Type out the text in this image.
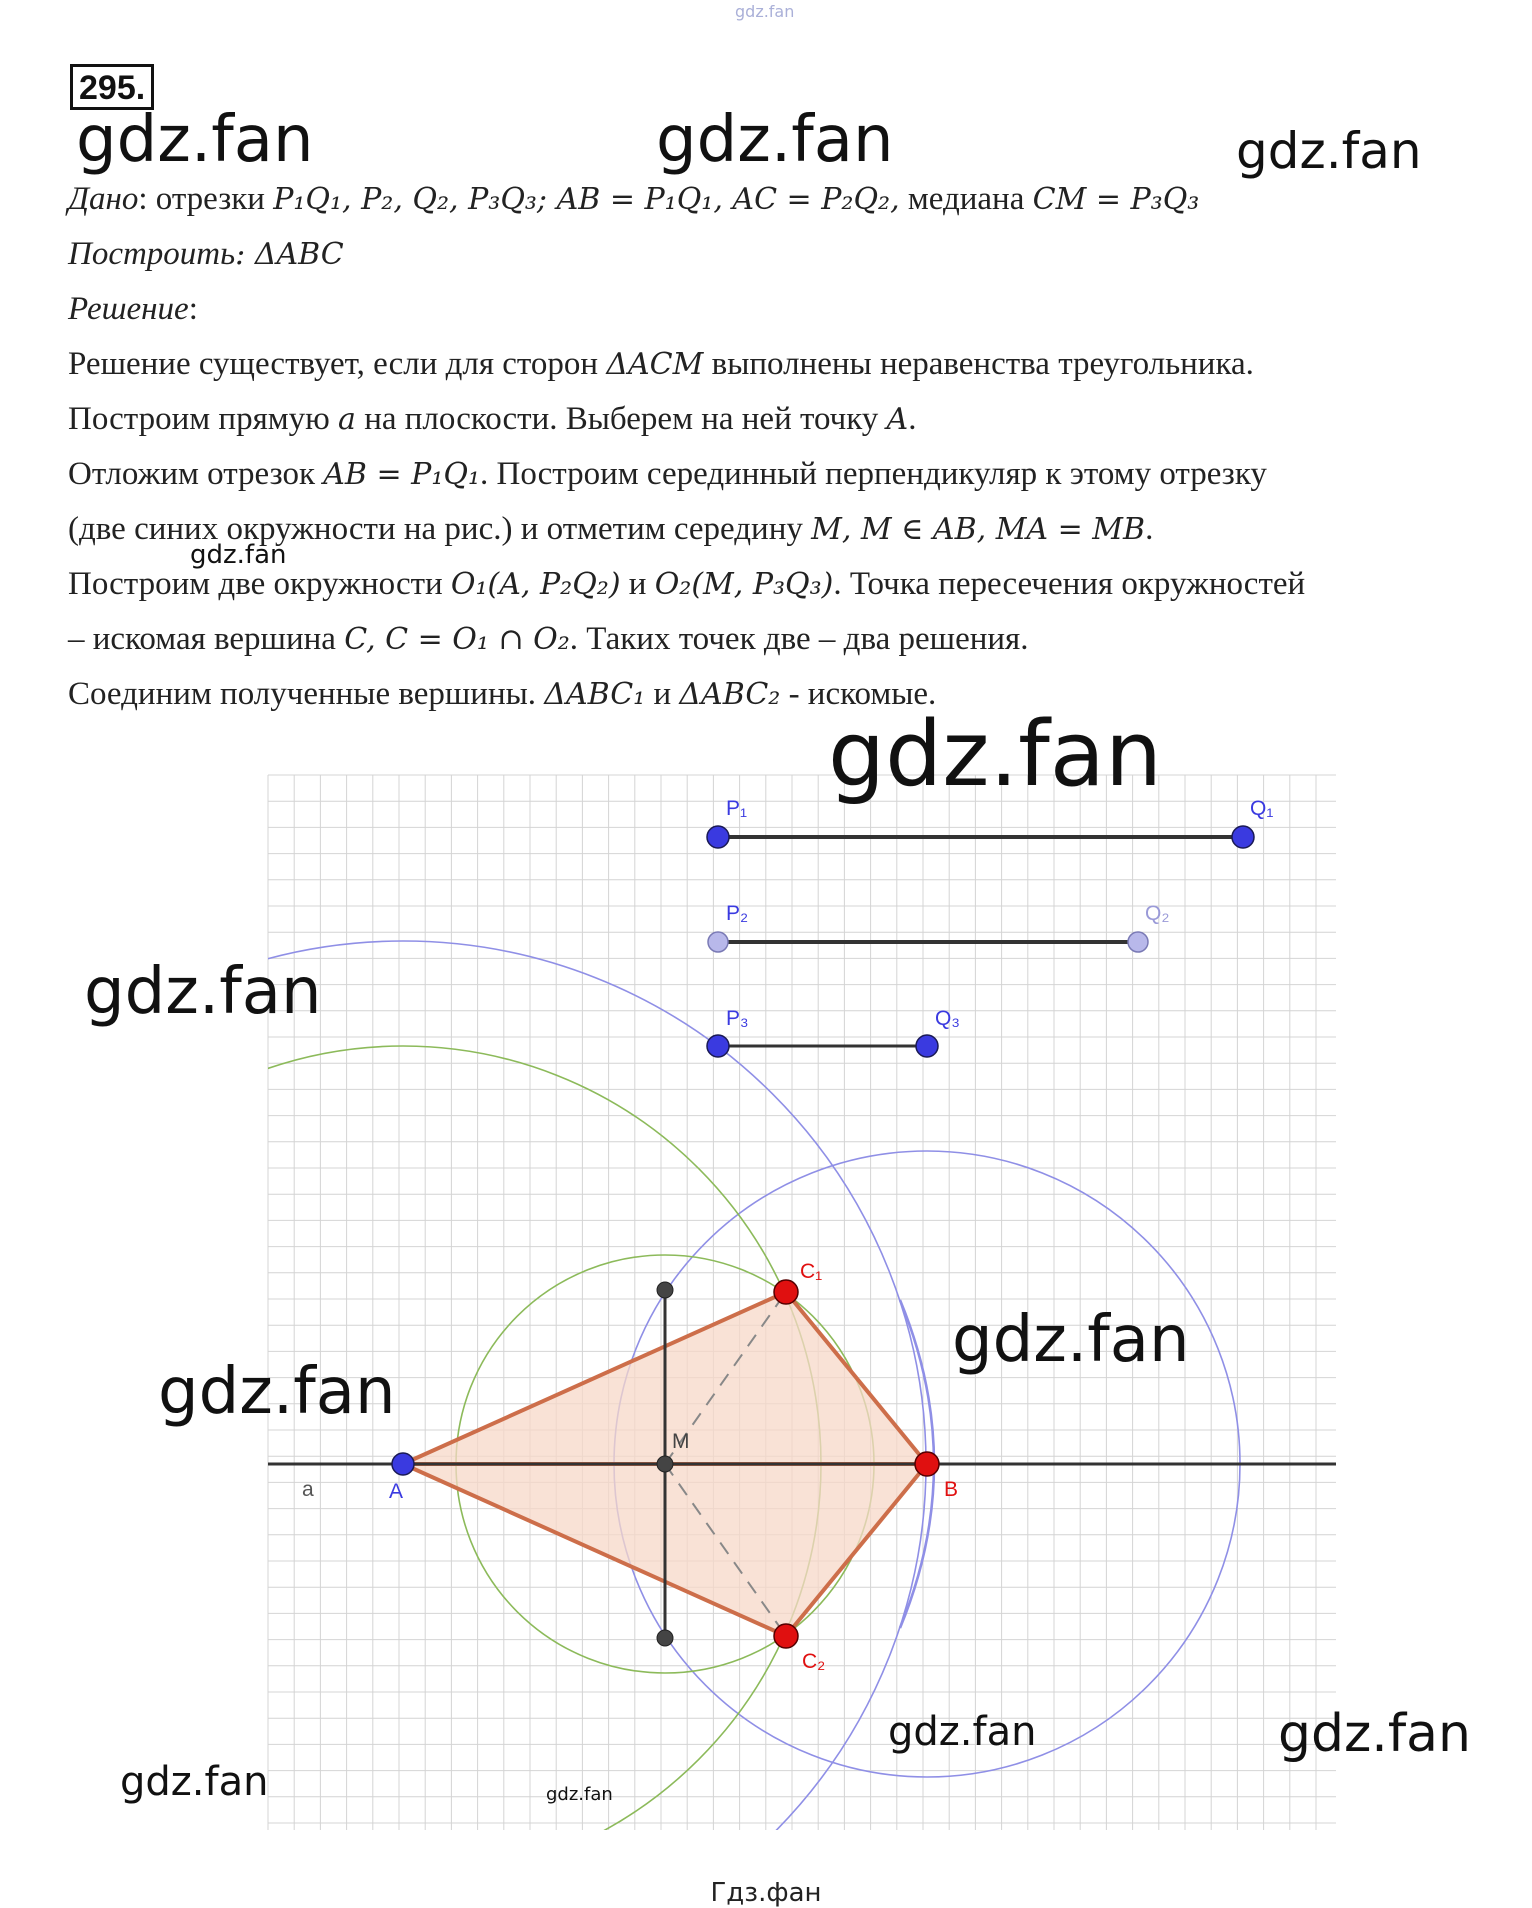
295.
Дано: отрезки P₁Q₁, P₂, Q₂, P₃Q₃; AB = P₁Q₁, AC = P₂Q₂, медиана CM = P₃Q₃
Построить: ΔABC
Решение:
Решение существует, если для сторон ΔACM выполнены неравенства треугольника.
Построим прямую a на плоскости. Выберем на ней точку A.
Отложим отрезок AB = P₁Q₁. Построим серединный перпендикуляр к этому отрезку
(две синих окружности на рис.) и отметим середину M, M ∈ AB, MA = MB.
Построим две окружности O₁(A, P₂Q₂) и O₂(M, P₃Q₃). Точка пересечения окружностей
– искомая вершина C, C = O₁ ∩ O₂. Таких точек две – два решения.
Соединим полученные вершины. ΔABC₁ и ΔABC₂ - искомые.
P₁	Q₁
P₂	Q₂
P₃	Q₃
A	B
M
C₁
C₂
a
gdz.fan
gdz.fan	gdz.fan	gdz.fan
gdz.fan
gdz.fan
gdz.fan
gdz.fan
gdz.fan
gdz.fan	gdz.fan
gdz.fan	gdz.fan
Гдз.фан
